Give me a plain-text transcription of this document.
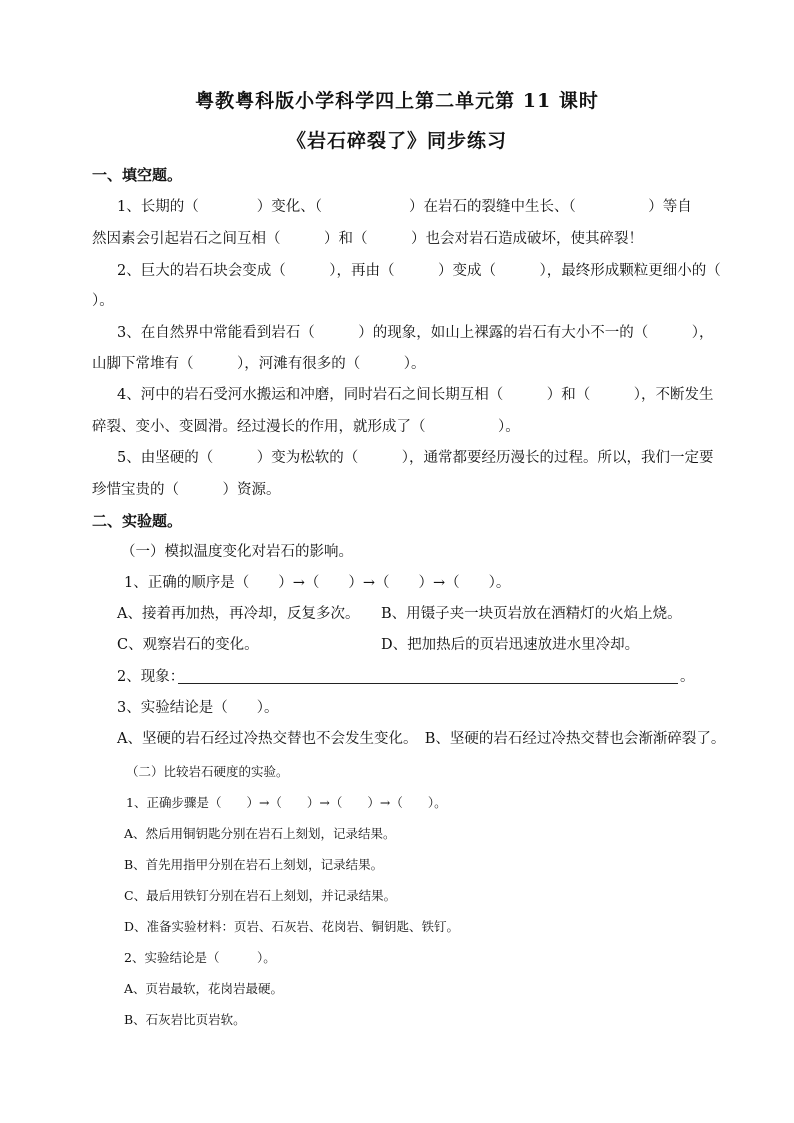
粤教粤科版小学科学四上第二单元第 11 课时
《岩石碎裂了》同步练习
一、填空题。
1、长期的（　　　　）变化、（　　　　　　）在岩石的裂缝中生长、（　　　　　）等自
然因素会引起岩石之间互相（　　　）和（　　　）也会对岩石造成破坏，使其碎裂！
2、巨大的岩石块会变成（　　　），再由（　　　）变成（　　　），最终形成颗粒更细小的（
）。
3、在自然界中常能看到岩石（　　　）的现象，如山上裸露的岩石有大小不一的（　　　），
山脚下常堆有（　　　），河滩有很多的（　　　）。
4、河中的岩石受河水搬运和冲磨，同时岩石之间长期互相（　　　）和（　　　），不断发生
碎裂、变小、变圆滑。经过漫长的作用，就形成了（　　　　　）。
5、由坚硬的（　　　）变为松软的（　　　），通常都要经历漫长的过程。所以，我们一定要
珍惜宝贵的（　　　）资源。
二、实验题。
（一）模拟温度变化对岩石的影响。
1、正确的顺序是（　　）→（　　）→（　　）→（　　）。
A、接着再加热，再冷却，反复多次。 B、用镊子夹一块页岩放在酒精灯的火焰上烧。
C、观察岩石的变化。	D、把加热后的页岩迅速放进水里冷却。
2、现象：	。
3、实验结论是（　　）。
A、坚硬的岩石经过冷热交替也不会发生变化。　B、坚硬的岩石经过冷热交替也会渐渐碎裂了。
（二）比较岩石硬度的实验。
1、正确步骤是（　　）→（　　）→（　　）→（　　）。
A、然后用铜钥匙分别在岩石上刻划，记录结果。
B、首先用指甲分别在岩石上刻划，记录结果。
C、最后用铁钉分别在岩石上刻划，并记录结果。
D、准备实验材料：页岩、石灰岩、花岗岩、铜钥匙、铁钉。
2、实验结论是（　　　）。
A、页岩最软，花岗岩最硬。
B、石灰岩比页岩软。
